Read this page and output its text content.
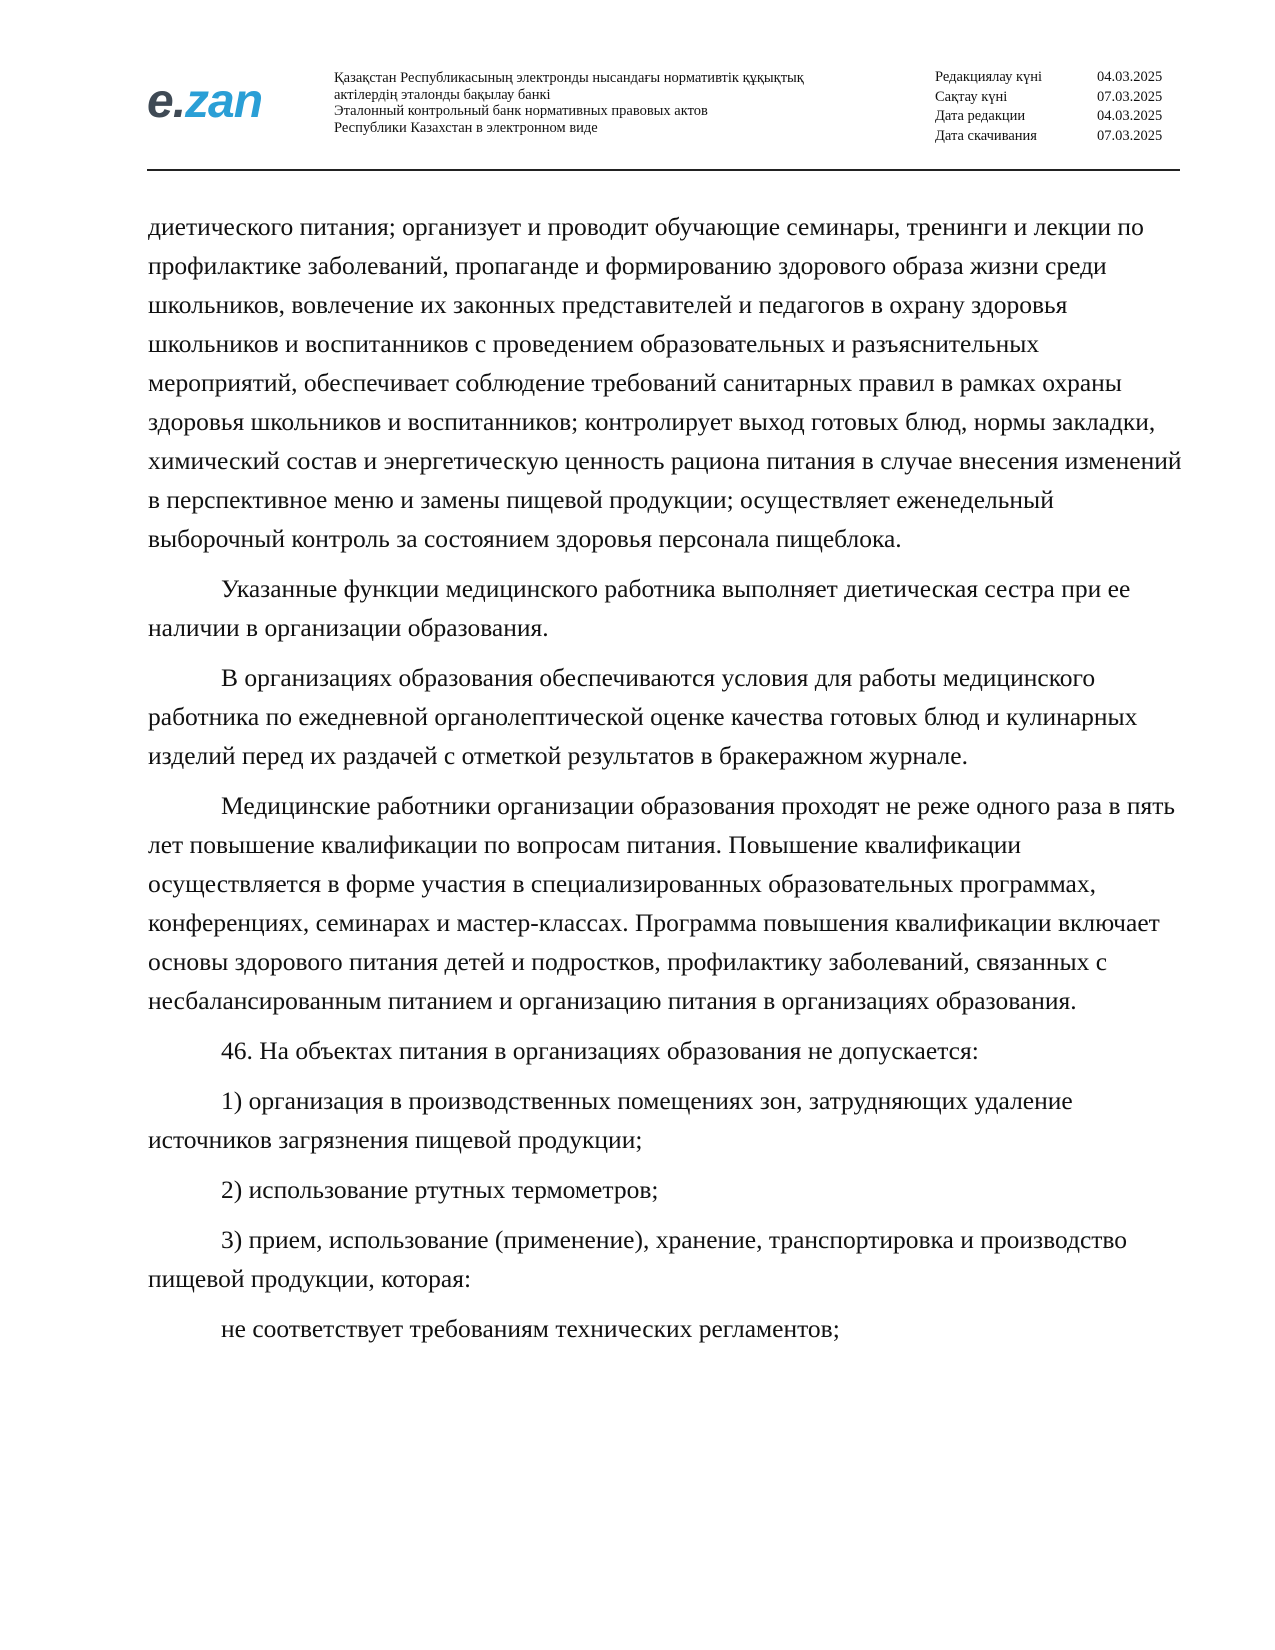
e.zan	Қазақстан Республикасының электронды нысандағы нормативтік құқықтық
актілердің эталонды бақылау банкі
Эталонный контрольный банк нормативных правовых актов
Республики Казахстан в электронном виде
Редакциялау күні	04.03.2025
Сақтау күні	07.03.2025
Дата редакции	04.03.2025
Дата скачивания	07.03.2025

диетического питания; организует и проводит обучающие семинары, тренинги и лекции по профилактике заболеваний, пропаганде и формированию здорового образа жизни среди школьников, вовлечение их законных представителей и педагогов в охрану здоровья школьников и воспитанников с проведением образовательных и разъяснительных мероприятий, обеспечивает соблюдение требований санитарных правил в рамках охраны здоровья школьников и воспитанников; контролирует выход готовых блюд, нормы закладки, химический состав и энергетическую ценность рациона питания в случае внесения изменений в перспективное меню и замены пищевой продукции; осуществляет еженедельный выборочный контроль за состоянием здоровья персонала пищеблока.

Указанные функции медицинского работника выполняет диетическая сестра при ее наличии в организации образования.

В организациях образования обеспечиваются условия для работы медицинского работника по ежедневной органолептической оценке качества готовых блюд и кулинарных изделий перед их раздачей с отметкой результатов в бракеражном журнале.

Медицинские работники организации образования проходят не реже одного раза в пять лет повышение квалификации по вопросам питания. Повышение квалификации осуществляется в форме участия в специализированных образовательных программах, конференциях, семинарах и мастер-классах. Программа повышения квалификации включает основы здорового питания детей и подростков, профилактику заболеваний, связанных с несбалансированным питанием и организацию питания в организациях образования.

46. На объектах питания в организациях образования не допускается:

1) организация в производственных помещениях зон, затрудняющих удаление источников загрязнения пищевой продукции;

2) использование ртутных термометров;

3) прием, использование (применение), хранение, транспортировка и производство пищевой продукции, которая:

не соответствует требованиям технических регламентов;
